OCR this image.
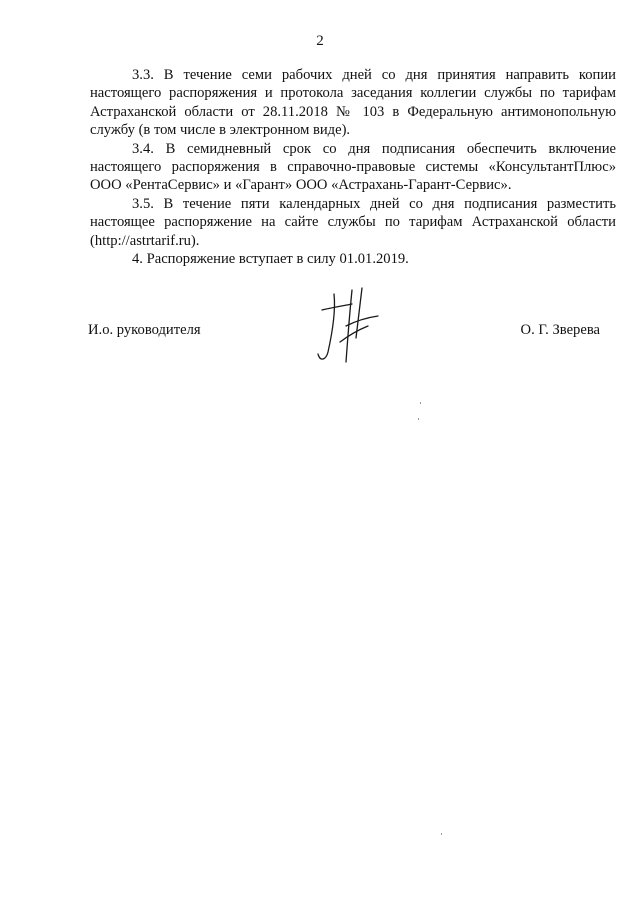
2

3.3. В течение семи рабочих дней со дня принятия направить копии настоящего распоряжения и протокола заседания коллегии службы по тарифам Астраханской области от 28.11.2018 № 103 в Федеральную антимонопольную службу (в том числе в электронном виде).

3.4. В семидневный срок со дня подписания обеспечить включение настоящего распоряжения в справочно-правовые системы «КонсультантПлюс» ООО «РентаСервис» и «Гарант» ООО «Астрахань-Гарант-Сервис».

3.5. В течение пяти календарных дней со дня подписания разместить настоящее распоряжение на сайте службы по тарифам Астраханской области (http://astrtarif.ru).

4. Распоряжение вступает в силу 01.01.2019.

И.о. руководителя	О. Г. Зверева
